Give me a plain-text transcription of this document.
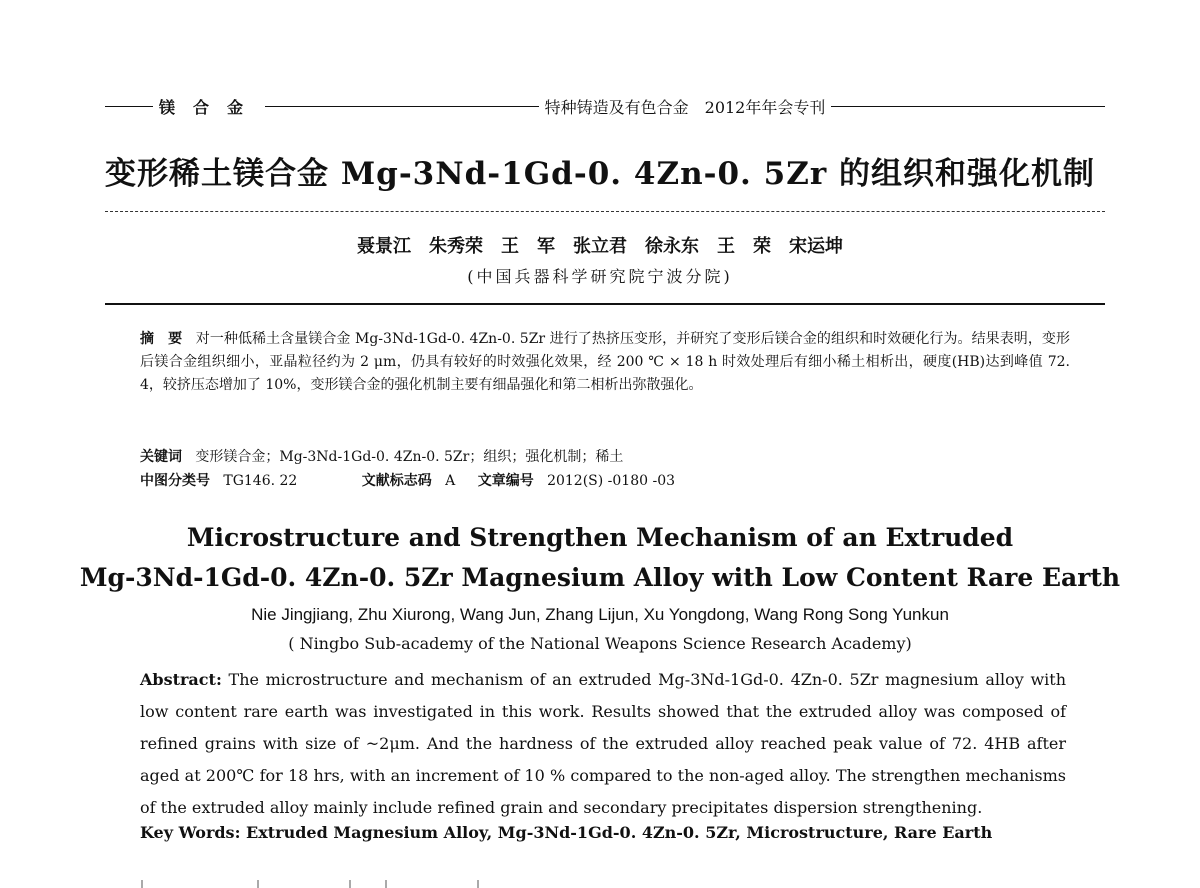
镁合金	特种铸造及有色合金　2012年年会专刊
变形稀土镁合金 Mg-3Nd-1Gd-0. 4Zn-0. 5Zr 的组织和强化机制
聂景江　朱秀荣　王　军　张立君　徐永东　王　荣　宋运坤
(中国兵器科学研究院宁波分院)
摘　要 对一种低稀土含量镁合金 Mg-3Nd-1Gd-0. 4Zn-0. 5Zr 进行了热挤压变形，并研究了变形后镁合金的组织和时效硬化行为。结果表明，变形后镁合金组织细小，亚晶粒径约为 2 μm，仍具有较好的时效强化效果，经 200 ℃ × 18 h 时效处理后有细小稀土相析出，硬度(HB)达到峰值 72. 4，较挤压态增加了 10%，变形镁合金的强化机制主要有细晶强化和第二相析出弥散强化。
关键词 变形镁合金；Mg-3Nd-1Gd-0. 4Zn-0. 5Zr；组织；强化机制；稀土
中图分类号 TG146. 22	文献标志码 A 文章编号 2012(S) -0180 -03
Microstructure and Strengthen Mechanism of an Extruded
Mg-3Nd-1Gd-0. 4Zn-0. 5Zr Magnesium Alloy with Low Content Rare Earth
Nie Jingjiang, Zhu Xiurong, Wang Jun, Zhang Lijun, Xu Yongdong, Wang Rong Song Yunkun
( Ningbo Sub-academy of the National Weapons Science Research Academy)
Abstract: The microstructure and mechanism of an extruded Mg-3Nd-1Gd-0. 4Zn-0. 5Zr magnesium alloy with low content rare earth was investigated in this work. Results showed that the extruded alloy was composed of refined grains with size of ~2μm. And the hardness of the extruded alloy reached peak value of 72. 4HB after aged at 200℃ for 18 hrs, with an increment of 10 % compared to the non-aged alloy. The strengthen mechanisms of the extruded alloy mainly include refined grain and secondary precipitates dispersion strengthening.
Key Words: Extruded Magnesium Alloy, Mg-3Nd-1Gd-0. 4Zn-0. 5Zr, Microstructure, Rare Earth
